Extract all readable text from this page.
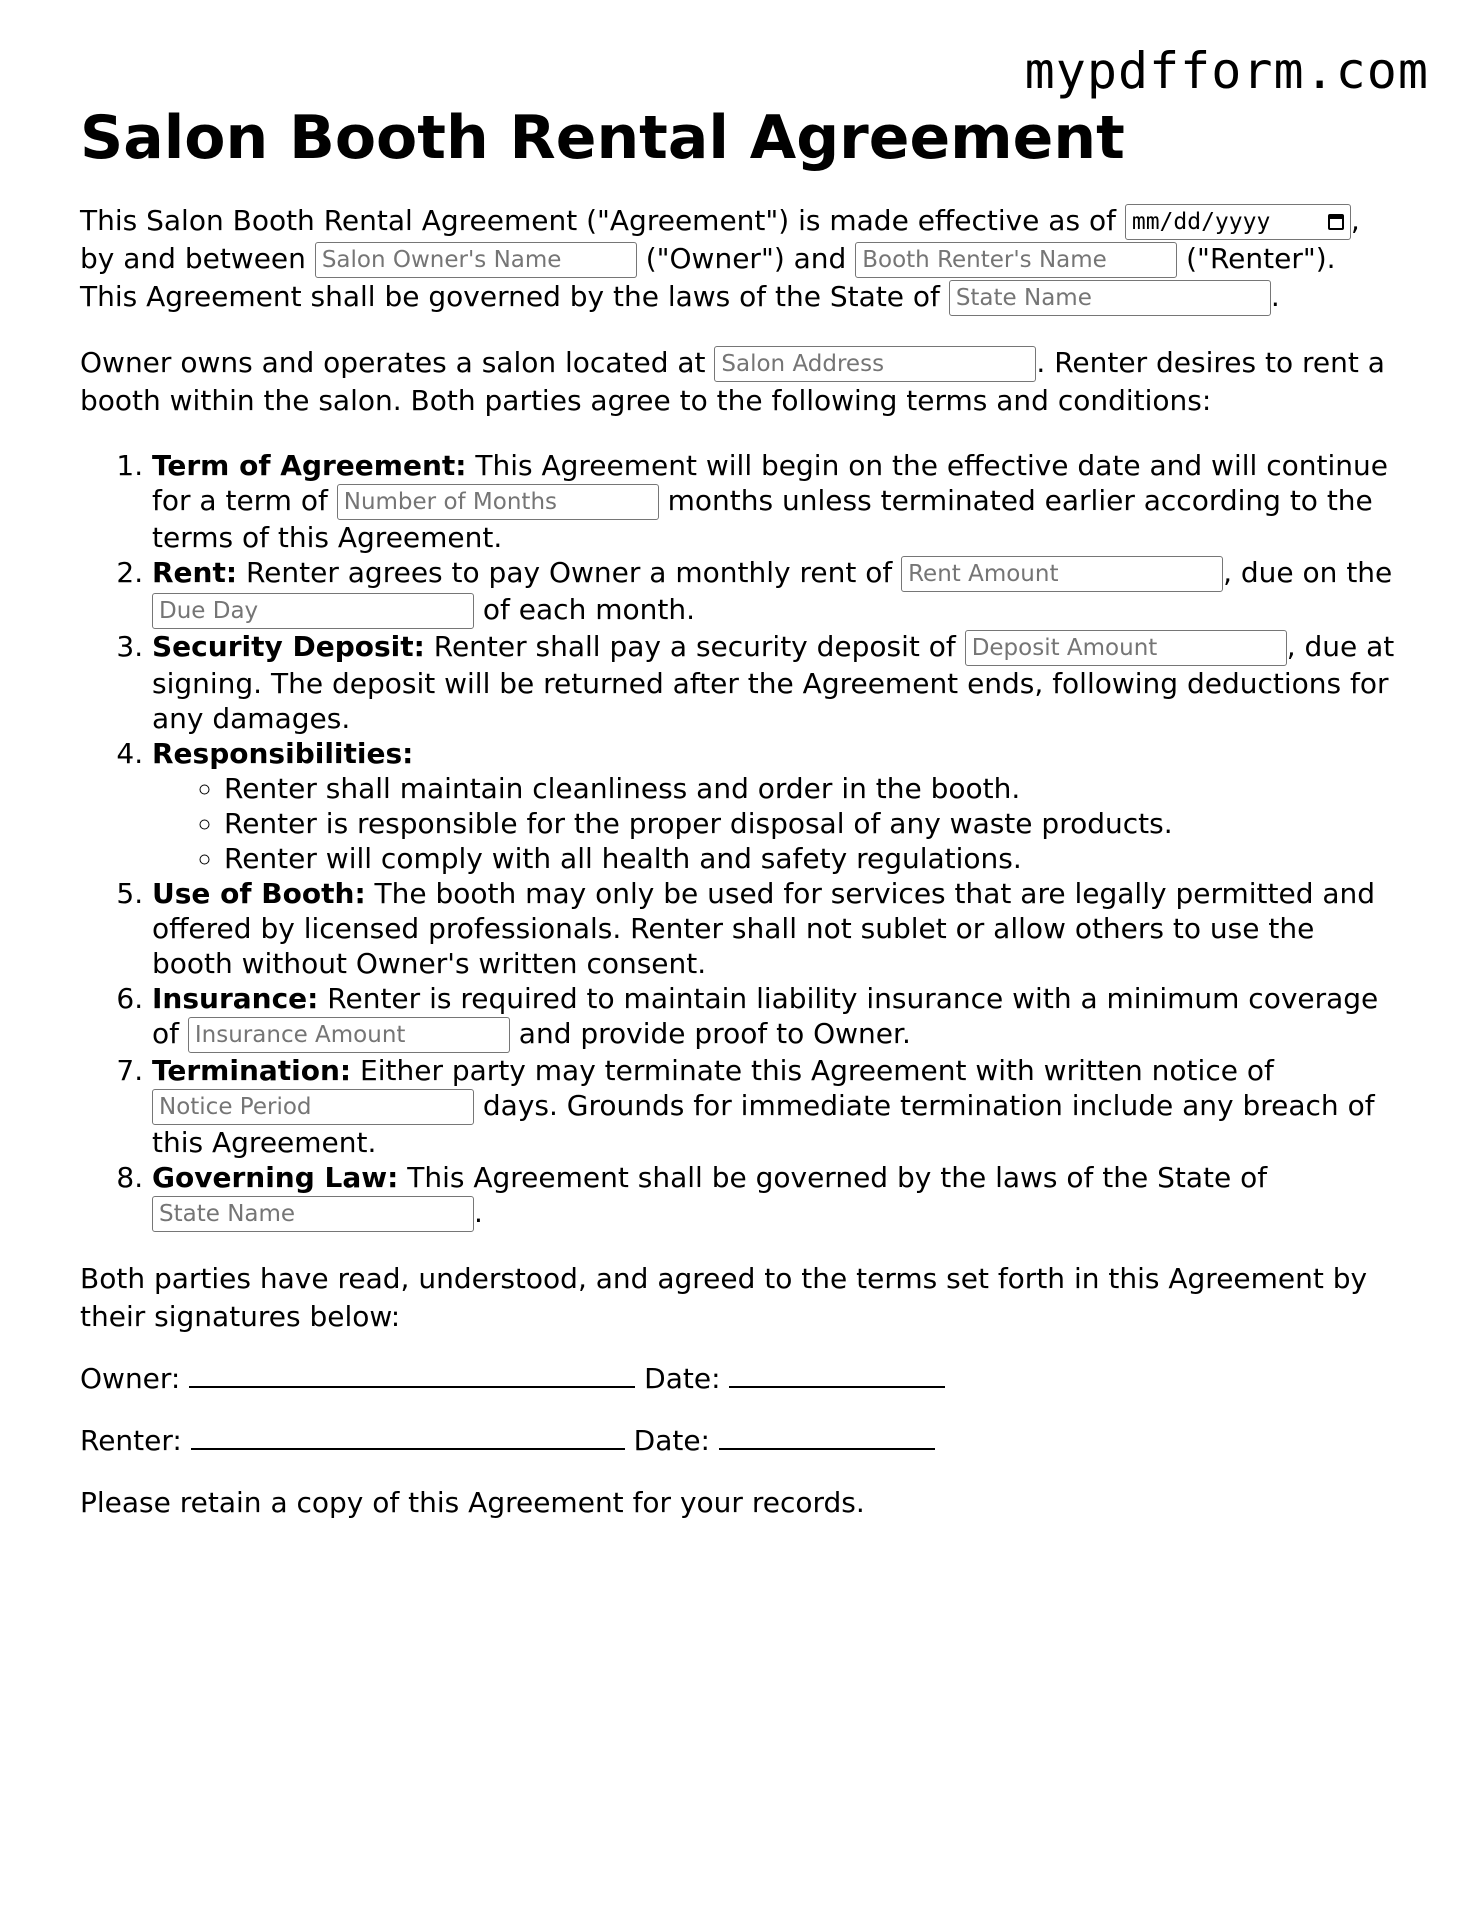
mypdfform.com
Salon Booth Rental Agreement

This Salon Booth Rental Agreement ("Agreement") is made effective as of mm/dd/yyyy	,
by and between Salon Owner's Name	("Owner") and Booth Renter's Name	("Renter").
This Agreement shall be governed by the laws of the State of State Name	.

Owner owns and operates a salon located at Salon Address	. Renter desires to rent a booth within the salon. Both parties agree to the following terms and conditions:

1. Term of Agreement: This Agreement will begin on the effective date and will continue for a term of Number of Months	months unless terminated earlier according to the terms of this Agreement.
2. Rent: Renter agrees to pay Owner a monthly rent of Rent Amount	, due on the Due Day of each month.
3. Security Deposit: Renter shall pay a security deposit of Deposit Amount	, due at signing. The deposit will be returned after the Agreement ends, following deductions for any damages.
4. Responsibilities:
◦ Renter shall maintain cleanliness and order in the booth.
◦ Renter is responsible for the proper disposal of any waste products.
◦ Renter will comply with all health and safety regulations.
5. Use of Booth: The booth may only be used for services that are legally permitted and offered by licensed professionals. Renter shall not sublet or allow others to use the booth without Owner's written consent.
6. Insurance: Renter is required to maintain liability insurance with a minimum coverage of Insurance Amount	and provide proof to Owner.
7. Termination: Either party may terminate this Agreement with written notice of Notice Period days. Grounds for immediate termination include any breach of this Agreement.
8. Governing Law: This Agreement shall be governed by the laws of the State of State Name.

Both parties have read, understood, and agreed to the terms set forth in this Agreement by their signatures below:

Owner:	Date:

Renter:	Date:

Please retain a copy of this Agreement for your records.
